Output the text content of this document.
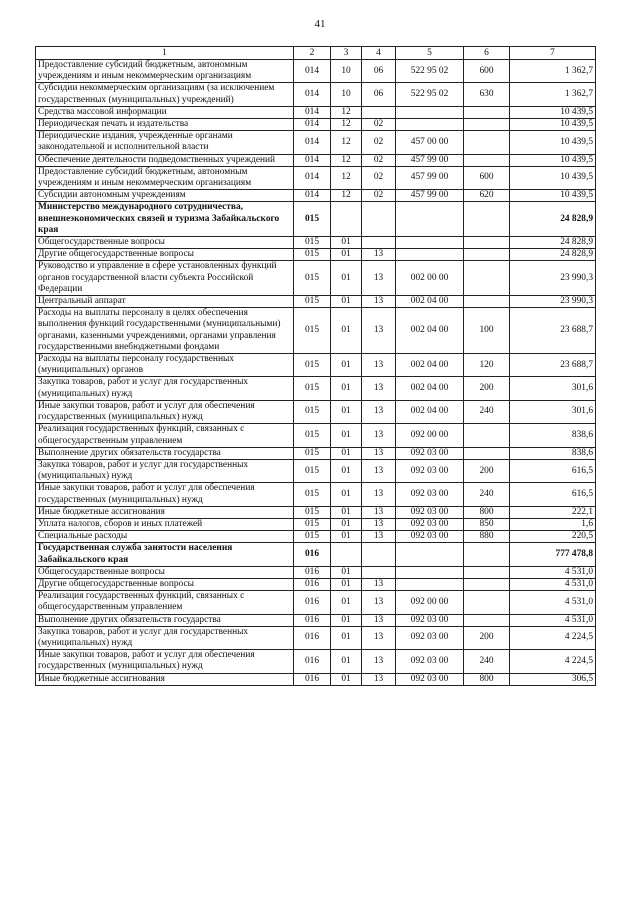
41
1	2	3	4	5	6	7
Предоставление субсидий бюджетным, автономным учреждениям и иным некоммерческим организациям	014	10	06	522 95 02	600	1 362,7
Субсидии некоммерческим организациям (за исключением государственных (муниципальных) учреждений)	014	10	06	522 95 02	630	1 362,7
Средства массовой информации	014	12				10 439,5
Периодическая печать и издательства	014	12	02			10 439,5
Периодические издания, учрежденные органами законодательной и исполнительной власти	014	12	02	457 00 00		10 439,5
Обеспечение деятельности подведомственных учреждений	014	12	02	457 99 00		10 439,5
Предоставление субсидий бюджетным, автономным учреждениям и иным некоммерческим организациям	014	12	02	457 99 00	600	10 439,5
Субсидии автономным учреждениям	014	12	02	457 99 00	620	10 439,5
Министерство международного сотрудничества, внешнеэкономических связей и туризма Забайкальского края	015					24 828,9
Общегосударственные вопросы	015	01				24 828,9
Другие общегосударственные вопросы	015	01	13			24 828,9
Руководство и управление в сфере установленных функций органов государственной власти субъекта Российской Федерации	015	01	13	002 00 00		23 990,3
Центральный аппарат	015	01	13	002 04 00		23 990,3
Расходы на выплаты персоналу в целях обеспечения выполнения функций государственными (муниципальными) органами, казенными учреждениями, органами управления государственными внебюджетными фондами	015	01	13	002 04 00	100	23 688,7
Расходы на выплаты персоналу государственных (муниципальных) органов	015	01	13	002 04 00	120	23 688,7
Закупка товаров, работ и услуг для государственных (муниципальных) нужд	015	01	13	002 04 00	200	301,6
Иные закупки товаров, работ и услуг для обеспечения государственных (муниципальных) нужд	015	01	13	002 04 00	240	301,6
Реализация государственных функций, связанных с общегосударственным управлением	015	01	13	092 00 00		838,6
Выполнение других обязательств государства	015	01	13	092 03 00		838,6
Закупка товаров, работ и услуг для государственных (муниципальных) нужд	015	01	13	092 03 00	200	616,5
Иные закупки товаров, работ и услуг для обеспечения государственных (муниципальных) нужд	015	01	13	092 03 00	240	616,5
Иные бюджетные ассигнования	015	01	13	092 03 00	800	222,1
Уплата налогов, сборов и иных платежей	015	01	13	092 03 00	850	1,6
Специальные расходы	015	01	13	092 03 00	880	220,5
Государственная служба занятости населения Забайкальского края	016					777 478,8
Общегосударственные вопросы	016	01				4 531,0
Другие общегосударственные вопросы	016	01	13			4 531,0
Реализация государственных функций, связанных с общегосударственным управлением	016	01	13	092 00 00		4 531,0
Выполнение других обязательств государства	016	01	13	092 03 00		4 531,0
Закупка товаров, работ и услуг для государственных (муниципальных) нужд	016	01	13	092 03 00	200	4 224,5
Иные закупки товаров, работ и услуг для обеспечения государственных (муниципальных) нужд	016	01	13	092 03 00	240	4 224,5
Иные бюджетные ассигнования	016	01	13	092 03 00	800	306,5
